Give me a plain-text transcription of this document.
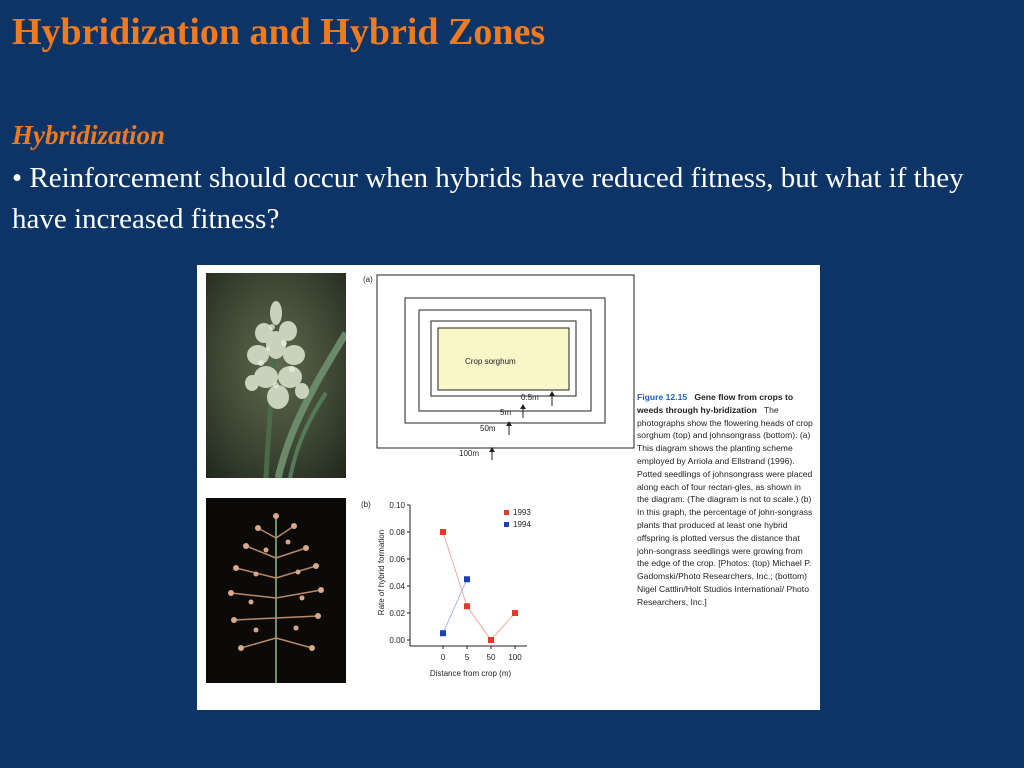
Hybridization and Hybrid Zones
Hybridization
• Reinforcement should occur when hybrids have reduced fitness, but what if they have increased fitness?
(a)
Crop sorghum
0.5m
5m
50m
100m
(b)
0.00
0.02
0.04
0.06
0.08
0.10
0 5 50 100
Distance from crop (m)
Rate of hybrid formation
1993
1994
Figure 12.15 Gene flow from crops to weeds through hy-bridization The photographs show the flowering heads of crop sorghum (top) and johnsongrass (bottom). (a) This diagram shows the planting scheme employed by Arriola and Ellstrand (1996). Potted seedlings of johnsongrass were placed along each of four rectan-gles, as shown in the diagram. (The diagram is not to scale.) (b) In this graph, the percentage of john-songrass plants that produced at least one hybrid offspring is plotted versus the distance that john-songrass seedlings were growing from the edge of the crop. [Photos: (top) Michael P. Gadomski/Photo Researchers, Inc.; (bottom) Nigel Cattlin/Holt Studios International/ Photo Researchers, Inc.]
